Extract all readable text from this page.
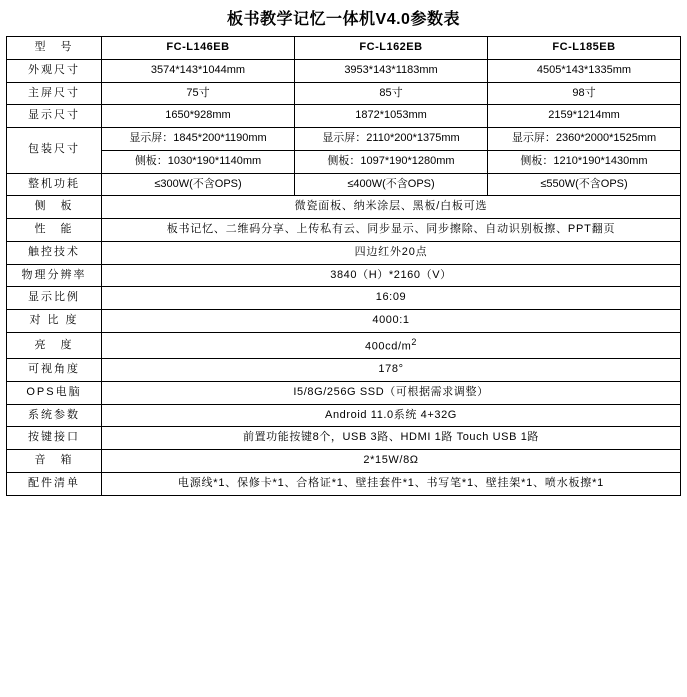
板书教学记忆一体机V4.0参数表
型　号	FC-L146EB	FC-L162EB	FC-L185EB
外观尺寸	3574*143*1044mm	3953*143*1183mm	4505*143*1335mm
主屏尺寸	75寸	85寸	98寸
显示尺寸	1650*928mm	1872*1053mm	2159*1214mm
包装尺寸	显示屏：1845*200*1190mm	显示屏：2110*200*1375mm	显示屏：2360*2000*1525mm
	侧板：1030*190*1140mm	侧板：1097*190*1280mm	侧板：1210*190*1430mm
整机功耗	≤300W(不含OPS)	≤400W(不含OPS)	≤550W(不含OPS)
侧　板	微瓷面板、纳米涂层、黑板/白板可选		
性　能	板书记忆、二维码分享、上传私有云、同步显示、同步擦除、自动识别板擦、PPT翻页		
触控技术	四边红外20点		
物理分辨率	3840（H）*2160（V）		
显示比例	16:09		
对 比 度	4000:1		
亮　度	$400cd/m^2$
可视角度	178°		
OPS电脑	I5/8G/256G SSD（可根据需求调整）		
系统参数	Android 11.0系统 4+32G		
按键接口	前置功能按键8个，USB 3路、HDMI 1路 Touch USB 1路		
音　箱	2*15W/8Ω		
配件清单	电源线*1、保修卡*1、合格证*1、壁挂套件*1、书写笔*1、壁挂架*1、喷水板擦*1		
